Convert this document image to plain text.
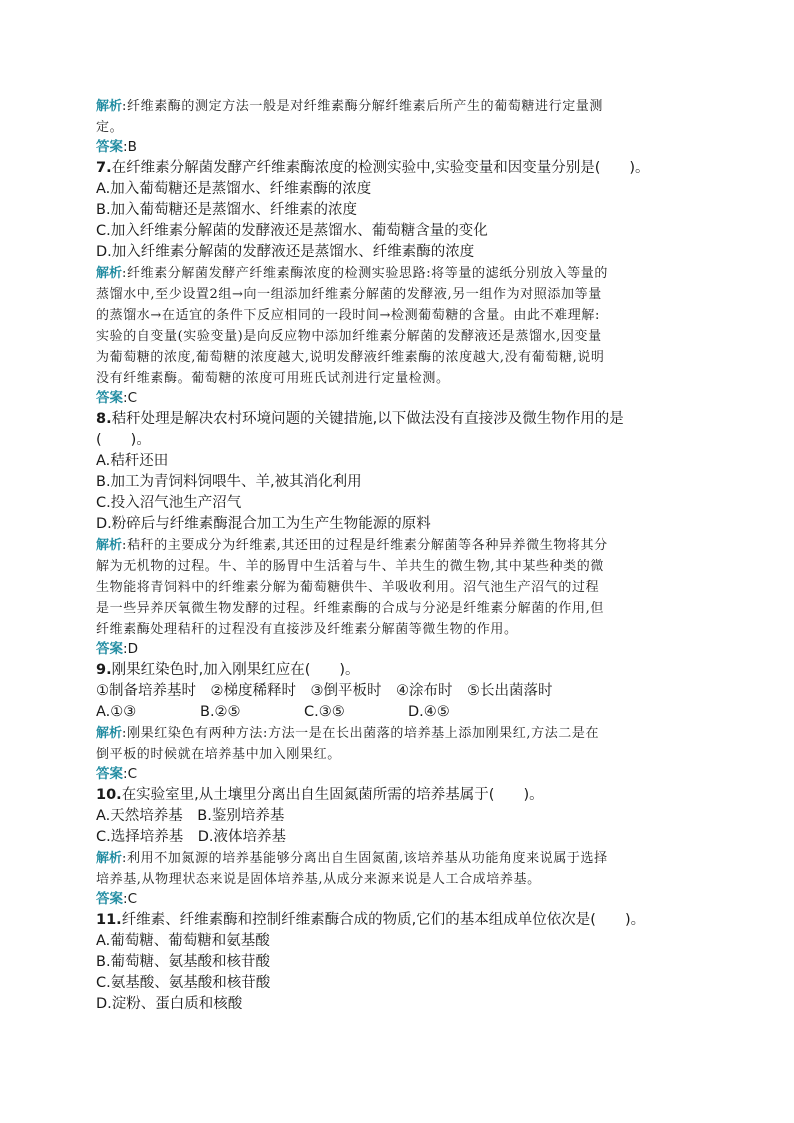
解析:纤维素酶的测定方法一般是对纤维素酶分解纤维素后所产生的葡萄糖进行定量测
定。
答案:B
7.在纤维素分解菌发酵产纤维素酶浓度的检测实验中,实验变量和因变量分别是(　　)。
A.加入葡萄糖还是蒸馏水、纤维素酶的浓度
B.加入葡萄糖还是蒸馏水、纤维素的浓度
C.加入纤维素分解菌的发酵液还是蒸馏水、葡萄糖含量的变化
D.加入纤维素分解菌的发酵液还是蒸馏水、纤维素酶的浓度
解析:纤维素分解菌发酵产纤维素酶浓度的检测实验思路:将等量的滤纸分别放入等量的
蒸馏水中,至少设置2组→向一组添加纤维素分解菌的发酵液,另一组作为对照添加等量
的蒸馏水→在适宜的条件下反应相同的一段时间→检测葡萄糖的含量。由此不难理解:
实验的自变量(实验变量)是向反应物中添加纤维素分解菌的发酵液还是蒸馏水,因变量
为葡萄糖的浓度,葡萄糖的浓度越大,说明发酵液纤维素酶的浓度越大,没有葡萄糖,说明
没有纤维素酶。葡萄糖的浓度可用班氏试剂进行定量检测。
答案:C
8.秸秆处理是解决农村环境问题的关键措施,以下做法没有直接涉及微生物作用的是
(　　)。
A.秸秆还田
B.加工为青饲料饲喂牛、羊,被其消化利用
C.投入沼气池生产沼气
D.粉碎后与纤维素酶混合加工为生产生物能源的原料
解析:秸秆的主要成分为纤维素,其还田的过程是纤维素分解菌等各种异养微生物将其分
解为无机物的过程。牛、羊的肠胃中生活着与牛、羊共生的微生物,其中某些种类的微
生物能将青饲料中的纤维素分解为葡萄糖供牛、羊吸收利用。沼气池生产沼气的过程
是一些异养厌氧微生物发酵的过程。纤维素酶的合成与分泌是纤维素分解菌的作用,但
纤维素酶处理秸秆的过程没有直接涉及纤维素分解菌等微生物的作用。
答案:D
9.刚果红染色时,加入刚果红应在(　　)。
①制备培养基时　②梯度稀释时　③倒平板时　④涂布时　⑤长出菌落时
A.①③	B.②⑤	C.③⑤	D.④⑤
解析:刚果红染色有两种方法:方法一是在长出菌落的培养基上添加刚果红,方法二是在
倒平板的时候就在培养基中加入刚果红。
答案:C
10.在实验室里,从土壤里分离出自生固氮菌所需的培养基属于(　　)。
A.天然培养基　B.鉴别培养基
C.选择培养基　D.液体培养基
解析:利用不加氮源的培养基能够分离出自生固氮菌,该培养基从功能角度来说属于选择
培养基,从物理状态来说是固体培养基,从成分来源来说是人工合成培养基。
答案:C
11.纤维素、纤维素酶和控制纤维素酶合成的物质,它们的基本组成单位依次是(　　)。
A.葡萄糖、葡萄糖和氨基酸
B.葡萄糖、氨基酸和核苷酸
C.氨基酸、氨基酸和核苷酸
D.淀粉、蛋白质和核酸
